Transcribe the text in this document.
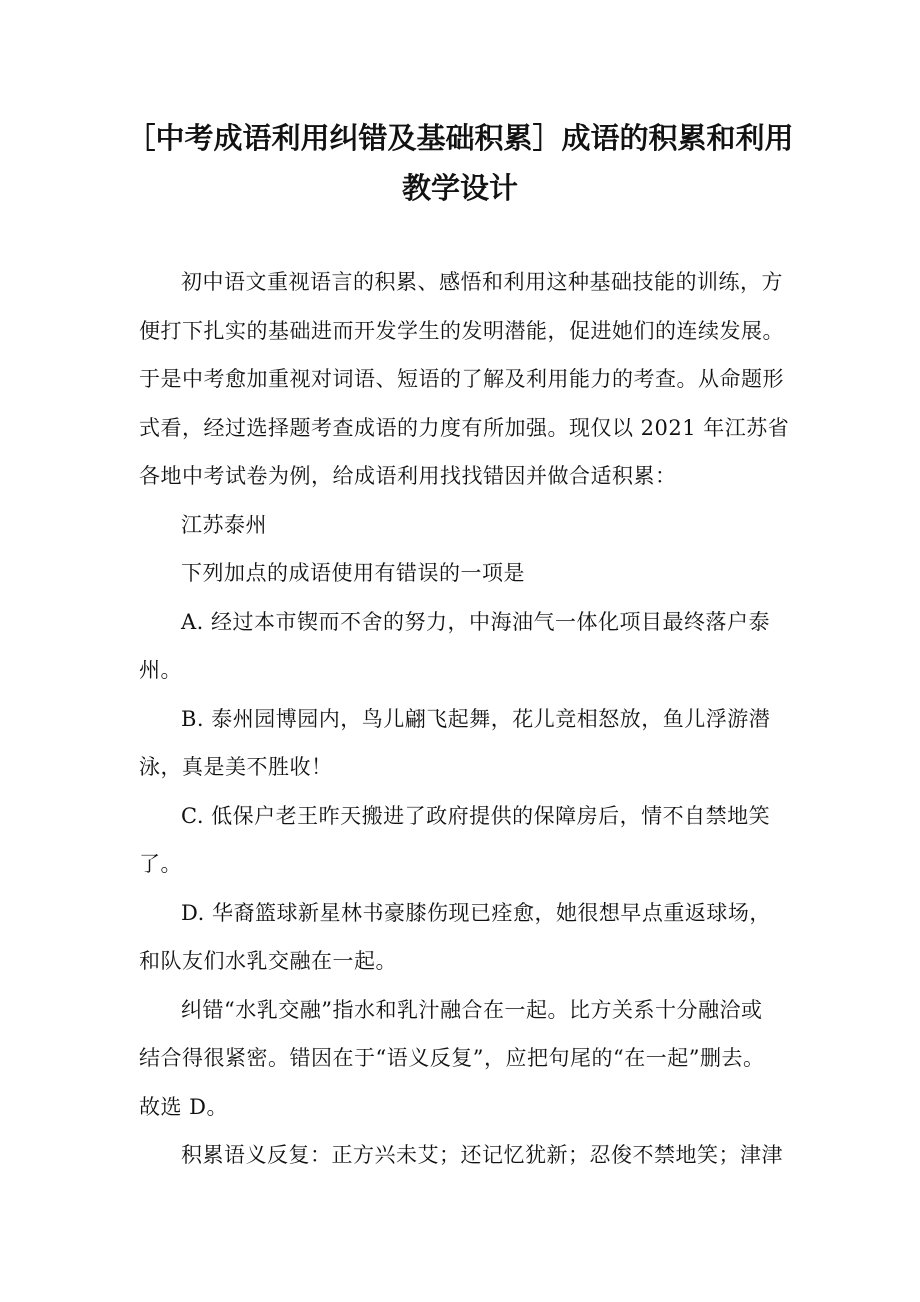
［中考成语利用纠错及基础积累］成语的积累和利用
教学设计
初中语文重视语言的积累、感悟和利用这种基础技能的训练，方
便打下扎实的基础进而开发学生的发明潜能，促进她们的连续发展。
于是中考愈加重视对词语、短语的了解及利用能力的考查。从命题形
式看，经过选择题考查成语的力度有所加强。现仅以 2021 年江苏省
各地中考试卷为例，给成语利用找找错因并做合适积累：
江苏泰州
下列加点的成语使用有错误的一项是
A. 经过本市锲而不舍的努力，中海油气一体化项目最终落户泰
州。
B. 泰州园博园内，鸟儿翩飞起舞，花儿竞相怒放，鱼儿浮游潜
泳，真是美不胜收！
C. 低保户老王昨天搬进了政府提供的保障房后，情不自禁地笑
了。
D. 华裔篮球新星林书豪膝伤现已痊愈，她很想早点重返球场，
和队友们水乳交融在一起。
纠错“水乳交融”指水和乳汁融合在一起。比方关系十分融洽或
结合得很紧密。错因在于“语义反复”，应把句尾的“在一起”删去。
故选 D。
积累语义反复：正方兴未艾；还记忆犹新；忍俊不禁地笑；津津
